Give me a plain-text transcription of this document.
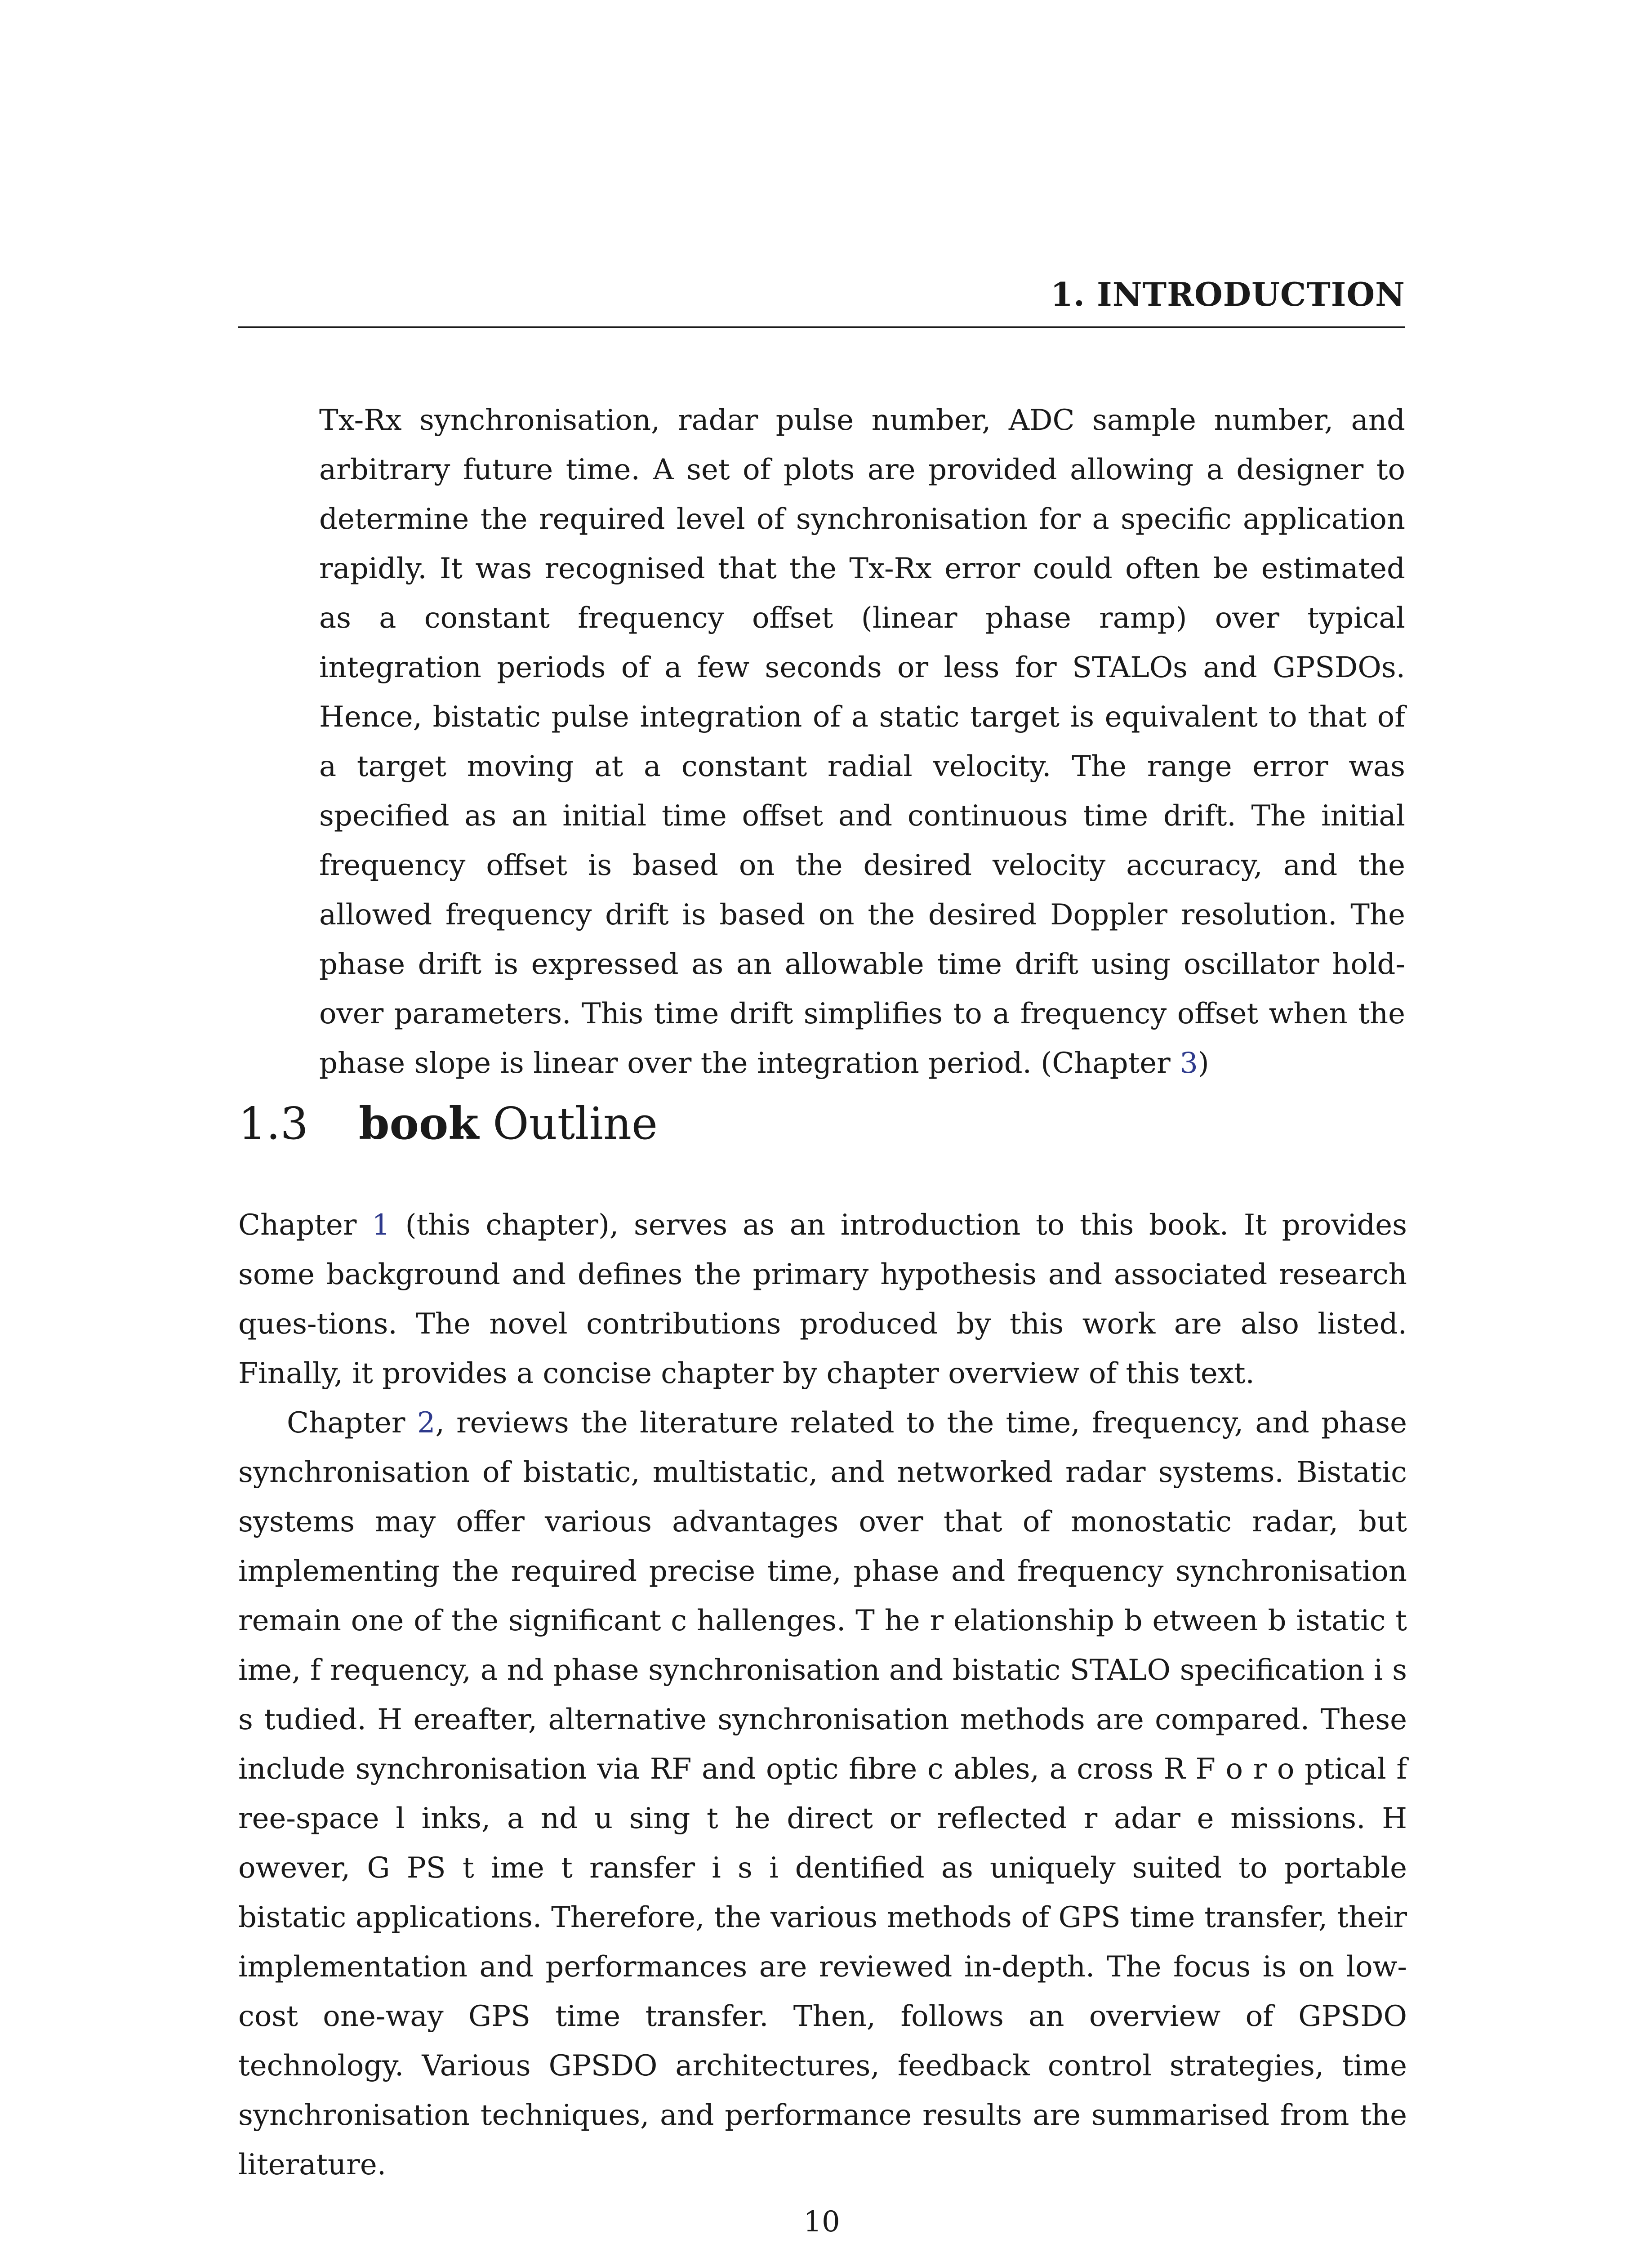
1. INTRODUCTION
Tx-Rx synchronisation, radar pulse number, ADC sample number, and arbitrary future time. A set of plots are provided allowing a designer to determine the required level of synchronisation for a specific application rapidly. It was recognised that the Tx-Rx error could often be estimated as a constant frequency offset (linear phase ramp) over typical integration periods of a few seconds or less for STALOs and GPSDOs. Hence, bistatic pulse integration of a static target is equivalent to that of a target moving at a constant radial velocity. The range error was specified as an initial time offset and continuous time drift. The initial frequency offset is based on the desired velocity accuracy, and the allowed frequency drift is based on the desired Doppler resolution. The phase drift is expressed as an allowable time drift using oscillator hold-over parameters. This time drift simplifies to a frequency offset when the phase slope is linear over the integration period. (Chapter 3)
1.3 book Outline

Chapter 1 (this chapter), serves as an introduction to this book. It provides some background and defines the primary hypothesis and associated research ques-tions. The novel contributions produced by this work are also listed. Finally, it provides a concise chapter by chapter overview of this text.

Chapter 2, reviews the literature related to the time, frequency, and phase synchronisation of bistatic, multistatic, and networked radar systems. Bistatic systems may offer various advantages over that of monostatic radar, but implementing the required precise time, phase and frequency synchronisation remain one of the significant c hallenges. T he r elationship b etween b istatic t ime, f requency, a nd phase synchronisation and bistatic STALO specification i s s tudied. H ereafter, alternative synchronisation methods are compared. These include synchronisation via RF and optic fibre c ables, a cross R F o r o ptical f ree-space l inks, a nd u sing t he direct or reflected r adar e missions. H owever, G PS t ime t ransfer i s i dentified as uniquely suited to portable bistatic applications. Therefore, the various methods of GPS time transfer, their implementation and performances are reviewed in-depth. The focus is on low-cost one-way GPS time transfer. Then, follows an overview of GPSDO technology. Various GPSDO architectures, feedback control strategies, time synchronisation techniques, and performance results are summarised from the literature.

10
